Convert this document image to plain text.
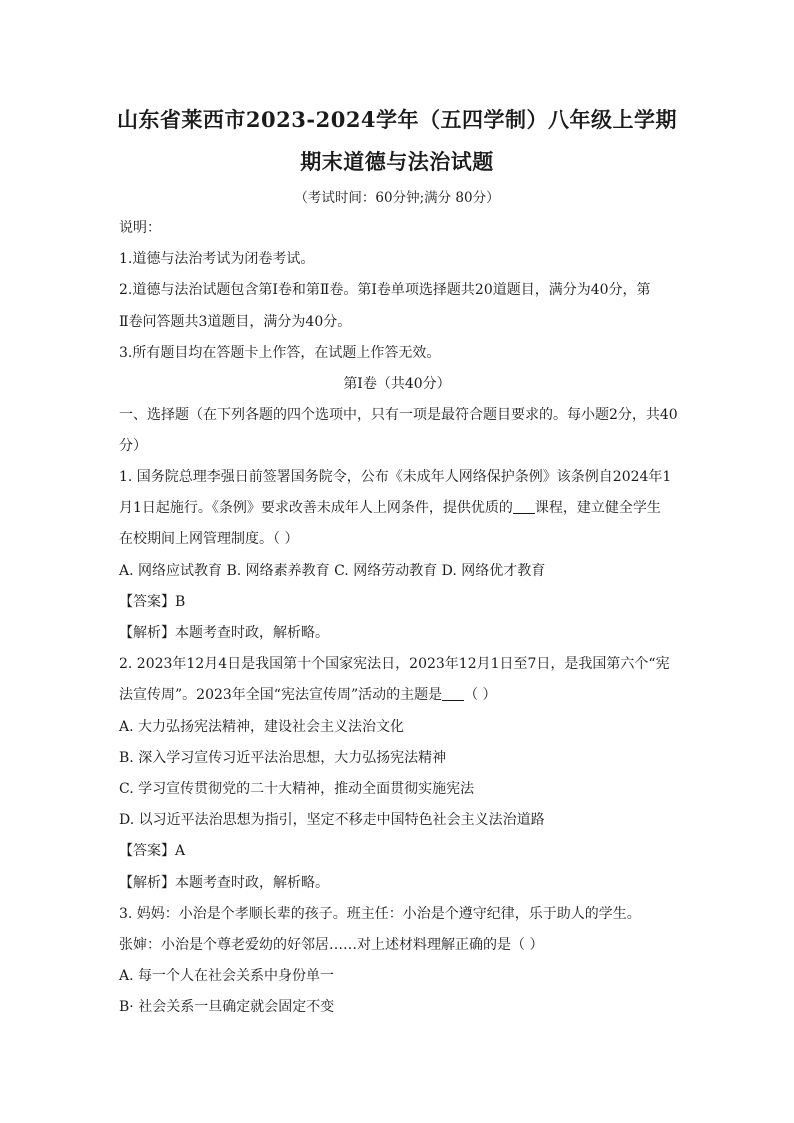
山东省莱西市2023-2024学年（五四学制）八年级上学期
期末道德与法治试题
（考试时间：60分钟;满分 80分）
说明：
1.道德与法治考试为闭卷考试。
2.道德与法治试题包含第Ⅰ卷和第Ⅱ卷。第Ⅰ卷单项选择题共20道题目，满分为40分，第
Ⅱ卷问答题共3道题目，满分为40分。
3.所有题目均在答题卡上作答，在试题上作答无效。
第Ⅰ卷（共40分）
一、选择题（在下列各题的四个选项中，只有一项是最符合题目要求的。每小题2分，共40
分）
1. 国务院总理李强日前签署国务院令，公布《未成年人网络保护条例》该条例自2024年1
月1日起施行。《条例》要求改善未成年人上网条件，提供优质的 课程，建立健全学生
在校期间上网管理制度。（ ）
A. 网络应试教育 B. 网络素养教育 C. 网络劳动教育 D. 网络优才教育
【答案】B
【解析】本题考查时政，解析略。
2. 2023年12月4日是我国第十个国家宪法日，2023年12月1日至7日，是我国第六个“宪
法宣传周”。2023年全国“宪法宣传周”活动的主题是 （ ）
A. 大力弘扬宪法精神，建设社会主义法治文化
B. 深入学习宣传习近平法治思想，大力弘扬宪法精神
C. 学习宣传贯彻党的二十大精神，推动全面贯彻实施宪法
D. 以习近平法治思想为指引，坚定不移走中国特色社会主义法治道路
【答案】A
【解析】本题考查时政，解析略。
3. 妈妈：小治是个孝顺长辈的孩子。班主任：小治是个遵守纪律，乐于助人的学生。
张婶：小治是个尊老爱幼的好邻居……对上述材料理解正确的是（ ）
A. 每一个人在社会关系中身份单一
B· 社会关系一旦确定就会固定不变
